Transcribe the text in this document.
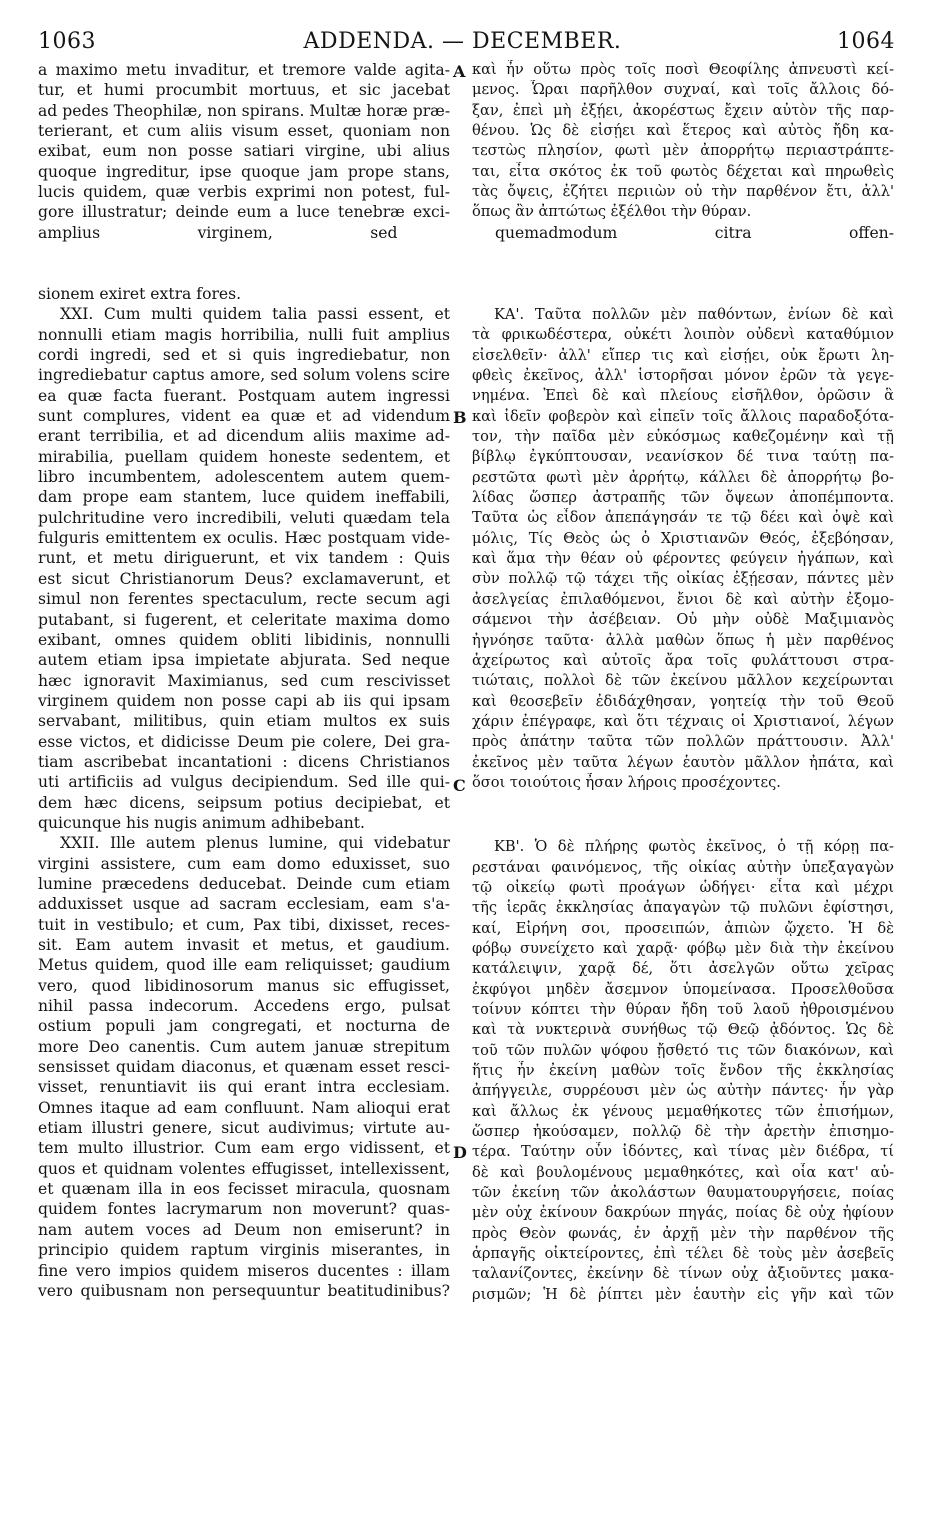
1063	ADDENDA. — DECEMBER.	1064
a maximo metu invaditur, et tremore valde agita-
tur, et humi procumbit mortuus, et sic jacebat
ad pedes Theophilæ, non spirans. Multæ horæ præ-
terierant, et cum aliis visum esset, quoniam non
exibat, eum non posse satiari virgine, ubi alius
quoque ingreditur, ipse quoque jam prope stans,
lucis quidem, quæ verbis exprimi non potest, ful-
gore illustratur; deinde eum a luce tenebræ exci-
amplius virginem, sed quemadmodum citra offen-
sionem exiret extra fores.
XXI. Cum multi quidem talia passi essent, et
nonnulli etiam magis horribilia, nulli fuit amplius
cordi ingredi, sed et si quis ingrediebatur, non
ingrediebatur captus amore, sed solum volens scire
ea quæ facta fuerant. Postquam autem ingressi
sunt complures, vident ea quæ et ad videndum
erant terribilia, et ad dicendum aliis maxime ad-
mirabilia, puellam quidem honeste sedentem, et
libro incumbentem, adolescentem autem quem-
dam prope eam stantem, luce quidem ineffabili,
pulchritudine vero incredibili, veluti quædam tela
fulguris emittentem ex oculis. Hæc postquam vide-
runt, et metu diriguerunt, et vix tandem : Quis
est sicut Christianorum Deus? exclamaverunt, et
simul non ferentes spectaculum, recte secum agi
putabant, si fugerent, et celeritate maxima domo
exibant, omnes quidem obliti libidinis, nonnulli
autem etiam ipsa impietate abjurata. Sed neque
hæc ignoravit Maximianus, sed cum rescivisset
virginem quidem non posse capi ab iis qui ipsam
servabant, militibus, quin etiam multos ex suis
esse victos, et didicisse Deum pie colere, Dei gra-
tiam ascribebat incantationi : dicens Christianos
uti artificiis ad vulgus decipiendum. Sed ille qui-
dem hæc dicens, seipsum potius decipiebat, et
quicunque his nugis animum adhibebant.
XXII. Ille autem plenus lumine, qui videbatur
virgini assistere, cum eam domo eduxisset, suo
lumine præcedens deducebat. Deinde cum etiam
adduxisset usque ad sacram ecclesiam, eam s'a-
tuit in vestibulo; et cum, Pax tibi, dixisset, reces-
sit. Eam autem invasit et metus, et gaudium.
Metus quidem, quod ille eam reliquisset; gaudium
vero, quod libidinosorum manus sic effugisset,
nihil passa indecorum. Accedens ergo, pulsat
ostium populi jam congregati, et nocturna de
more Deo canentis. Cum autem januæ strepitum
sensisset quidam diaconus, et quænam esset resci-
visset, renuntiavit iis qui erant intra ecclesiam.
Omnes itaque ad eam confluunt. Nam alioqui erat
etiam illustri genere, sicut audivimus; virtute au-
tem multo illustrior. Cum eam ergo vidissent, et
quos et quidnam volentes effugisset, intellexissent,
et quænam illa in eos fecisset miracula, quosnam
quidem fontes lacrymarum non moverunt? quas-
nam autem voces ad Deum non emiserunt? in
principio quidem raptum virginis miserantes, in
fine vero impios quidem miseros ducentes : illam
vero quibusnam non persequuntur beatitudinibus?
καὶ ἦν οὕτω πρὸς τοῖς ποσὶ Θεοφίλης ἀπνευστὶ κεί-
μενος. Ὧραι παρῆλθον συχναί, καὶ τοῖς ἄλλοις δό-
ξαν, ἐπεὶ μὴ ἐξῄει, ἀκορέστως ἔχειν αὐτὸν τῆς παρ-
θένου. Ὡς δὲ εἰσῄει καὶ ἕτερος καὶ αὐτὸς ἤδη κα-
τεστὼς πλησίον, φωτὶ μὲν ἀπορρήτῳ περιαστράπτε-
ται, εἶτα σκότος ἐκ τοῦ φωτὸς δέχεται καὶ πηρωθεὶς
τὰς ὄψεις, ἐζήτει περιιὼν οὐ τὴν παρθένον ἔτι, ἀλλ'
ὅπως ἂν ἀπτώτως ἐξέλθοι τὴν θύραν.
ΚΑ'. Ταῦτα πολλῶν μὲν παθόντων, ἐνίων δὲ καὶ
τὰ φρικωδέστερα, οὐκέτι λοιπὸν οὐδενὶ καταθύμιον
εἰσελθεῖν· ἀλλ' εἴπερ τις καὶ εἰσῄει, οὐκ ἔρωτι λη-
φθεὶς ἐκεῖνος, ἀλλ' ἱστορῆσαι μόνον ἐρῶν τὰ γεγε-
νημένα. Ἐπεὶ δὲ καὶ πλείους εἰσῆλθον, ὁρῶσιν ἃ
καὶ ἰδεῖν φοβερὸν καὶ εἰπεῖν τοῖς ἄλλοις παραδοξότα-
τον, τὴν παῖδα μὲν εὐκόσμως καθεζομένην καὶ τῇ
βίβλῳ ἐγκύπτουσαν, νεανίσκον δέ τινα ταύτῃ πα-
ρεστῶτα φωτὶ μὲν ἀρρήτῳ, κάλλει δὲ ἀπορρήτῳ βο-
λίδας ὥσπερ ἀστραπῆς τῶν ὄψεων ἀποπέμποντα.
Ταῦτα ὡς εἶδον ἀπεπάγησάν τε τῷ δέει καὶ ὀψὲ καὶ
μόλις, Τίς Θεὸς ὡς ὁ Χριστιανῶν Θεός, ἐξεβόησαν,
καὶ ἅμα τὴν θέαν οὐ φέροντες φεύγειν ἠγάπων, καὶ
σὺν πολλῷ τῷ τάχει τῆς οἰκίας ἐξῄεσαν, πάντες μὲν
ἀσελγείας ἐπιλαθόμενοι, ἔνιοι δὲ καὶ αὐτὴν ἐξομο-
σάμενοι τὴν ἀσέβειαν. Οὐ μὴν οὐδὲ Μαξιμιανὸς
ἠγνόησε ταῦτα· ἀλλὰ μαθὼν ὅπως ἡ μὲν παρθένος
ἀχείρωτος καὶ αὐτοῖς ἄρα τοῖς φυλάττουσι στρα-
τιώταις, πολλοὶ δὲ τῶν ἐκείνου μᾶλλον κεχείρωνται
καὶ θεοσεβεῖν ἐδιδάχθησαν, γοητείᾳ τὴν τοῦ Θεοῦ
χάριν ἐπέγραφε, καὶ ὅτι τέχναις οἱ Χριστιανοί, λέγων
πρὸς ἀπάτην ταῦτα τῶν πολλῶν πράττουσιν. Ἀλλ'
ἐκεῖνος μὲν ταῦτα λέγων ἑαυτὸν μᾶλλον ἠπάτα, καὶ
ὅσοι τοιούτοις ἦσαν λήροις προσέχοντες.
ΚΒ'. Ὁ δὲ πλήρης φωτὸς ἐκεῖνος, ὁ τῇ κόρῃ πα-
ρεστάναι φαινόμενος, τῆς οἰκίας αὐτὴν ὑπεξαγαγὼν
τῷ οἰκείῳ φωτὶ προάγων ὡδήγει· εἶτα καὶ μέχρι
τῆς ἱερᾶς ἐκκλησίας ἀπαγαγὼν τῷ πυλῶνι ἐφίστησι,
καί, Εἰρήνη σοι, προσειπών, ἀπιὼν ᾤχετο. Ἡ δὲ
φόβῳ συνείχετο καὶ χαρᾷ· φόβῳ μὲν διὰ τὴν ἐκείνου
κατάλειψιν, χαρᾷ δέ, ὅτι ἀσελγῶν οὕτω χεῖρας
ἐκφύγοι μηδὲν ἄσεμνον ὑπομείνασα. Προσελθοῦσα
τοίνυν κόπτει τὴν θύραν ἤδη τοῦ λαοῦ ἠθροισμένου
καὶ τὰ νυκτερινὰ συνήθως τῷ Θεῷ ᾀδόντος. Ὡς δὲ
τοῦ τῶν πυλῶν ψόφου ᾔσθετό τις τῶν διακόνων, καὶ
ἥτις ἦν ἐκείνη μαθὼν τοῖς ἔνδον τῆς ἐκκλησίας
ἀπήγγειλε, συρρέουσι μὲν ὡς αὐτὴν πάντες· ἦν γὰρ
καὶ ἄλλως ἐκ γένους μεμαθήκοτες τῶν ἐπισήμων,
ὥσπερ ἠκούσαμεν, πολλῷ δὲ τὴν ἀρετὴν ἐπισημο-
τέρα. Ταύτην οὖν ἰδόντες, καὶ τίνας μὲν διέδρα, τί
δὲ καὶ βουλομένους μεμαθηκότες, καὶ οἷα κατ' αὐ-
τῶν ἐκείνη τῶν ἀκολάστων θαυματουργήσειε, ποίας
μὲν οὐχ ἐκίνουν δακρύων πηγάς, ποίας δὲ οὐχ ἠφίουν
πρὸς Θεὸν φωνάς, ἐν ἀρχῇ μὲν τὴν παρθένον τῆς
ἁρπαγῆς οἰκτείροντες, ἐπὶ τέλει δὲ τοὺς μὲν ἀσεβεῖς
ταλανίζοντες, ἐκείνην δὲ τίνων οὐχ ἀξιοῦντες μακα-
ρισμῶν; Ἡ δὲ ῥίπτει μὲν ἑαυτὴν εἰς γῆν καὶ τῶν
A
B
C
D
